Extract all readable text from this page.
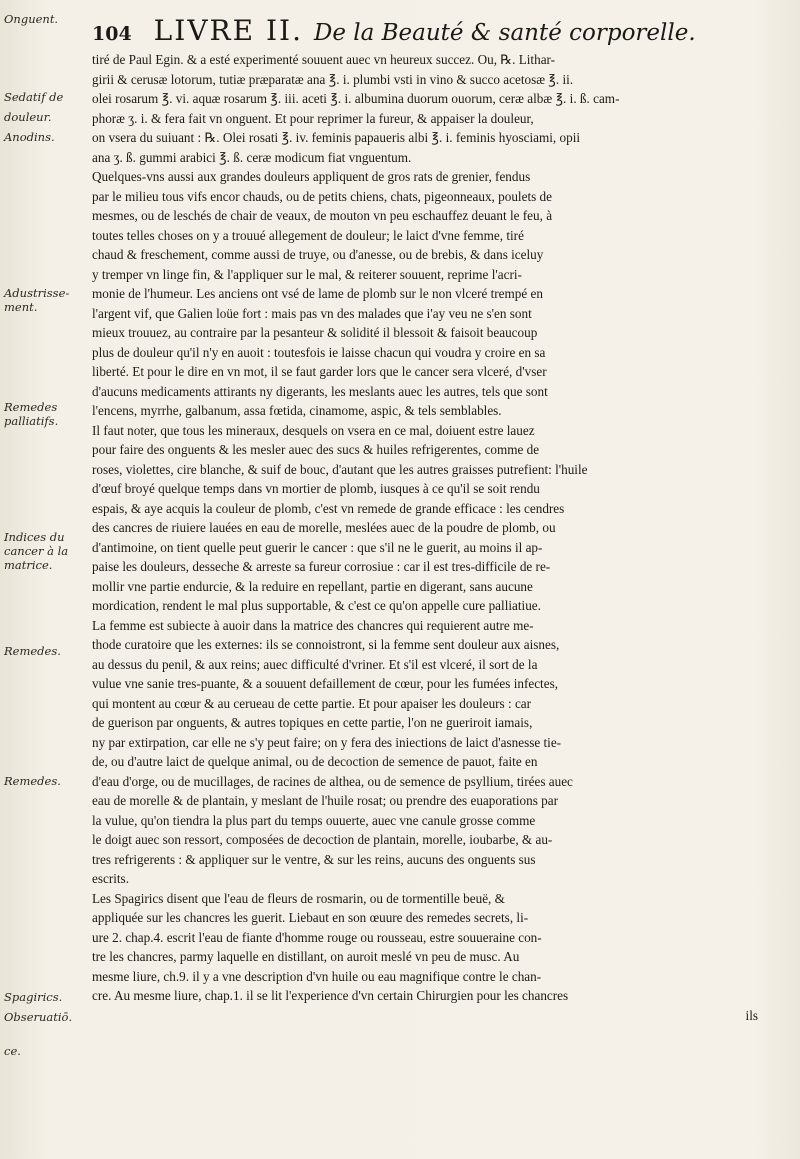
104 LIVRE II. De la Beauté & santé corporelle.
Onguent.
Sedatif de
douleur.
Anodins.
Adustrisse-ment.
Remedes palliatifs.
Indices du cancer à la matrice.
Remedes.
Remedes.
Spagirics.
Obseruatiō.
ce.
tiré de Paul Egin. & a esté experimenté souuent auec vn heureux succez. Ou, ℞. Lithar-
girii & cerusæ lotorum, tutiæ præparatæ ana ℥. i. plumbi vsti in vino & succo acetosæ ℥. ii.
olei rosarum ℥. vi. aquæ rosarum ℥. iii. aceti ℥. i. albumina duorum ouorum, ceræ albæ ℥. i. ß. cam-
phoræ ʒ. i. & fera fait vn onguent. Et pour reprimer la fureur, & appaiser la douleur,
on vsera du suiuant : ℞. Olei rosati ℥. iv. feminis papaueris albi ℥. i. feminis hyosciami, opii
ana ʒ. ß. gummi arabici ℥. ß. ceræ modicum fiat vnguentum.
Quelques-vns aussi aux grandes douleurs appliquent de gros rats de grenier, fendus
par le milieu tous vifs encor chauds, ou de petits chiens, chats, pigeonneaux, poulets de
mesmes, ou de leschés de chair de veaux, de mouton vn peu eschauffez deuant le feu, à
toutes telles choses on y a trouué allegement de douleur; le laict d'vne femme, tiré
chaud & freschement, comme aussi de truye, ou d'anesse, ou de brebis, & dans iceluy
y tremper vn linge fin, & l'appliquer sur le mal, & reiterer souuent, reprime l'acri-
monie de l'humeur. Les anciens ont vsé de lame de plomb sur le non vlceré trempé en
l'argent vif, que Galien loüe fort : mais pas vn des malades que i'ay veu ne s'en sont
mieux trouuez, au contraire par la pesanteur & solidité il blessoit & faisoit beaucoup
plus de douleur qu'il n'y en auoit : toutesfois ie laisse chacun qui voudra y croire en sa
liberté. Et pour le dire en vn mot, il se faut garder lors que le cancer sera vlceré, d'vser
d'aucuns medicaments attirants ny digerants, les meslants auec les autres, tels que sont
l'encens, myrrhe, galbanum, assa fœtida, cinamome, aspic, & tels semblables.
Il faut noter, que tous les mineraux, desquels on vsera en ce mal, doiuent estre lauez
pour faire des onguents & les mesler auec des sucs & huiles refrigerentes, comme de
roses, violettes, cire blanche, & suif de bouc, d'autant que les autres graisses putrefient: l'huile
d'œuf broyé quelque temps dans vn mortier de plomb, iusques à ce qu'il se soit rendu
espais, & aye acquis la couleur de plomb, c'est vn remede de grande efficace : les cendres
des cancres de riuiere lauées en eau de morelle, meslées auec de la poudre de plomb, ou
d'antimoine, on tient quelle peut guerir le cancer : que s'il ne le guerit, au moins il ap-
paise les douleurs, desseche & arreste sa fureur corrosiue : car il est tres-difficile de re-
mollir vne partie endurcie, & la reduire en repellant, partie en digerant, sans aucune
mordication, rendent le mal plus supportable, & c'est ce qu'on appelle cure palliatiue.
La femme est subiecte à auoir dans la matrice des chancres qui requierent autre me-
thode curatoire que les externes: ils se connoistront, si la femme sent douleur aux aisnes,
au dessus du penil, & aux reins; auec difficulté d'vriner. Et s'il est vlceré, il sort de la
vulue vne sanie tres-puante, & a souuent defaillement de cœur, pour les fumées infectes,
qui montent au cœur & au cerueau de cette partie. Et pour apaiser les douleurs : car
de guerison par onguents, & autres topiques en cette partie, l'on ne gueriroit iamais,
ny par extirpation, car elle ne s'y peut faire; on y fera des iniections de laict d'asnesse tie-
de, ou d'autre laict de quelque animal, ou de decoction de semence de pauot, faite en
d'eau d'orge, ou de mucillages, de racines de althea, ou de semence de psyllium, tirées auec
eau de morelle & de plantain, y meslant de l'huile rosat; ou prendre des euaporations par
la vulue, qu'on tiendra la plus part du temps ouuerte, auec vne canule grosse comme
le doigt auec son ressort, composées de decoction de plantain, morelle, ioubarbe, & au-
tres refrigerents : & appliquer sur le ventre, & sur les reins, aucuns des onguents sus
escrits.
Les Spagirics disent que l'eau de fleurs de rosmarin, ou de tormentille beuë, &
appliquée sur les chancres les guerit. Liebaut en son œuure des remedes secrets, li-
ure 2. chap.4. escrit l'eau de fiante d'homme rouge ou rousseau, estre souueraine con-
tre les chancres, parmy laquelle en distillant, on auroit meslé vn peu de musc. Au
mesme liure, ch.9. il y a vne description d'vn huile ou eau magnifique contre le chan-
cre. Au mesme liure, chap.1. il se lit l'experience d'vn certain Chirurgien pour les chancres
ils
